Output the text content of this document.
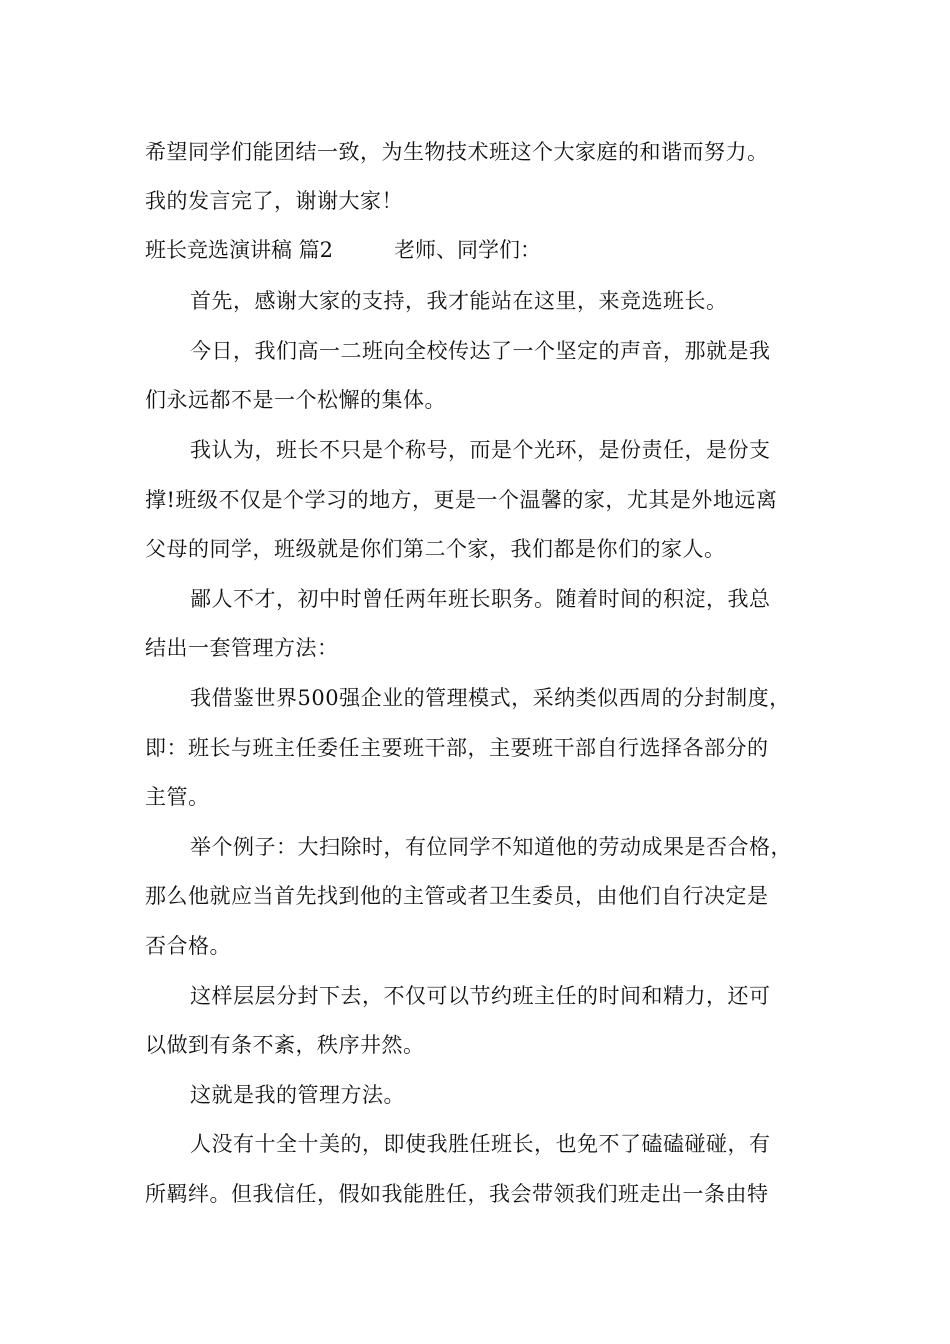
希望同学们能团结一致，为生物技术班这个大家庭的和谐而努力。
我的发言完了，谢谢大家！
班长竞选演讲稿 篇2	老师、同学们：
首先，感谢大家的支持，我才能站在这里，来竞选班长。
今日，我们高一二班向全校传达了一个坚定的声音，那就是我
们永远都不是一个松懈的集体。
我认为，班长不只是个称号，而是个光环，是份责任，是份支
撑!班级不仅是个学习的地方，更是一个温馨的家，尤其是外地远离
父母的同学，班级就是你们第二个家，我们都是你们的家人。
鄙人不才，初中时曾任两年班长职务。随着时间的积淀，我总
结出一套管理方法：
我借鉴世界500强企业的管理模式，采纳类似西周的分封制度，
即：班长与班主任委任主要班干部，主要班干部自行选择各部分的
主管。
举个例子：大扫除时，有位同学不知道他的劳动成果是否合格，
那么他就应当首先找到他的主管或者卫生委员，由他们自行决定是
否合格。
这样层层分封下去，不仅可以节约班主任的时间和精力，还可
以做到有条不紊，秩序井然。
这就是我的管理方法。
人没有十全十美的，即使我胜任班长，也免不了磕磕碰碰，有
所羁绊。但我信任，假如我能胜任，我会带领我们班走出一条由特
